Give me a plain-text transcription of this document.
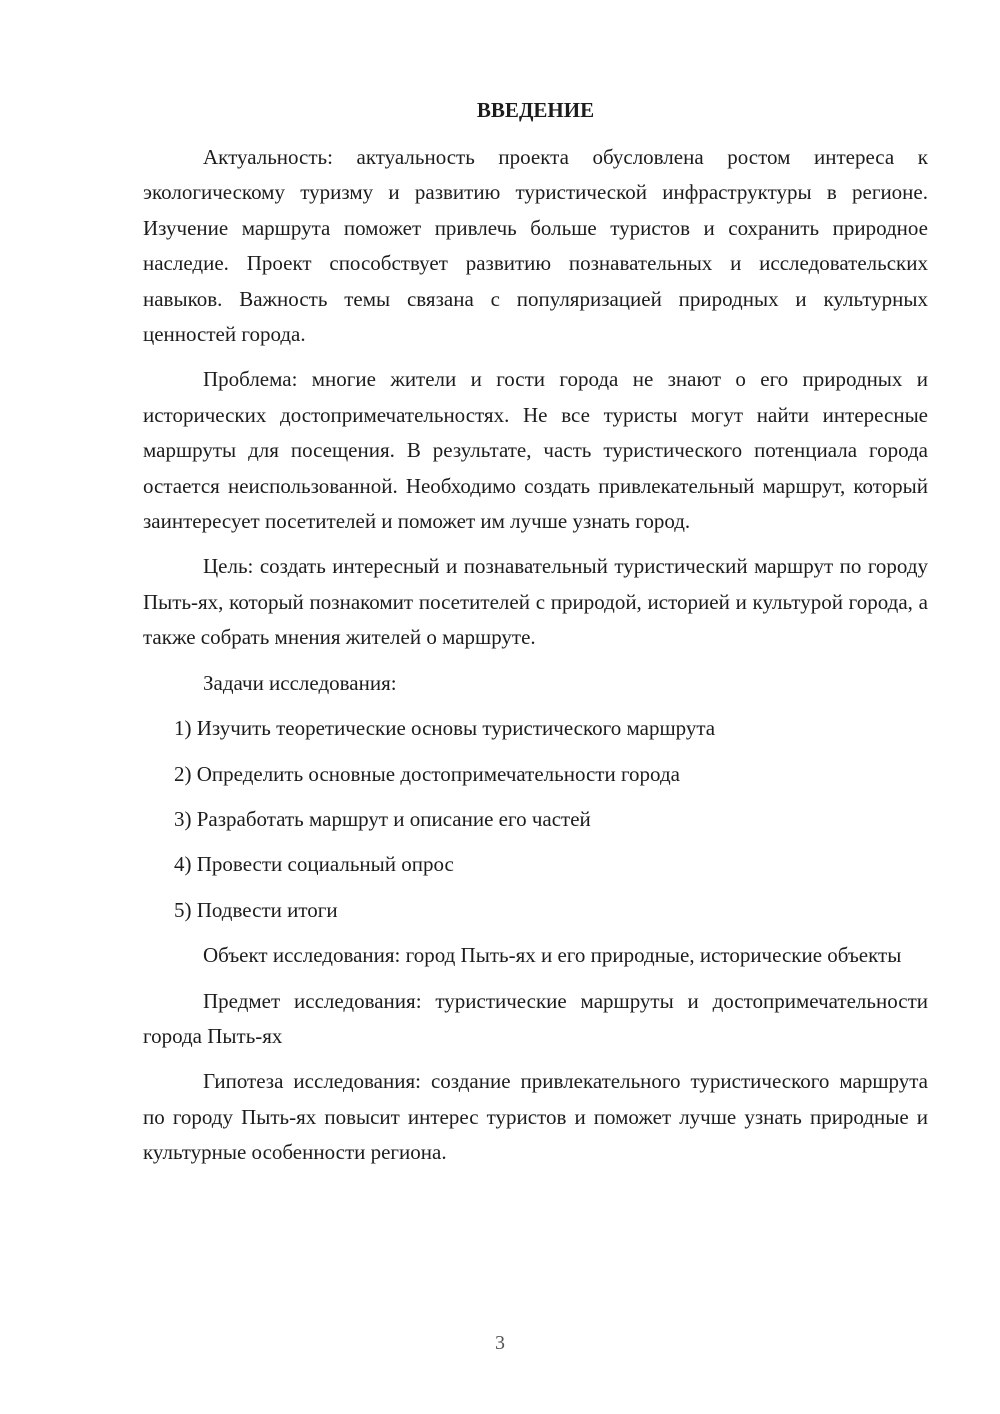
ВВЕДЕНИЕ

Актуальность: актуальность проекта обусловлена ростом интереса к экологическому туризму и развитию туристической инфраструктуры в регионе. Изучение маршрута поможет привлечь больше туристов и сохранить природное наследие. Проект способствует развитию познавательных и исследовательских навыков. Важность темы связана с популяризацией природных и культурных ценностей города.

Проблема: многие жители и гости города не знают о его природных и исторических достопримечательностях. Не все туристы могут найти интересные маршруты для посещения. В результате, часть туристического потенциала города остается неиспользованной. Необходимо создать привлекательный маршрут, который заинтересует посетителей и поможет им лучше узнать город.

Цель: создать интересный и познавательный туристический маршрут по городу Пыть-ях, который познакомит посетителей с природой, историей и культурой города, а также собрать мнения жителей о маршруте.

Задачи исследования:

1) Изучить теоретические основы туристического маршрута

2) Определить основные достопримечательности города

3) Разработать маршрут и описание его частей

4) Провести социальный опрос

5) Подвести итоги

Объект исследования: город Пыть-ях и его природные, исторические объекты

Предмет исследования: туристические маршруты и достопримечательности города Пыть-ях

Гипотеза исследования: создание привлекательного туристического маршрута по городу Пыть-ях повысит интерес туристов и поможет лучше узнать природные и культурные особенности региона.

3
